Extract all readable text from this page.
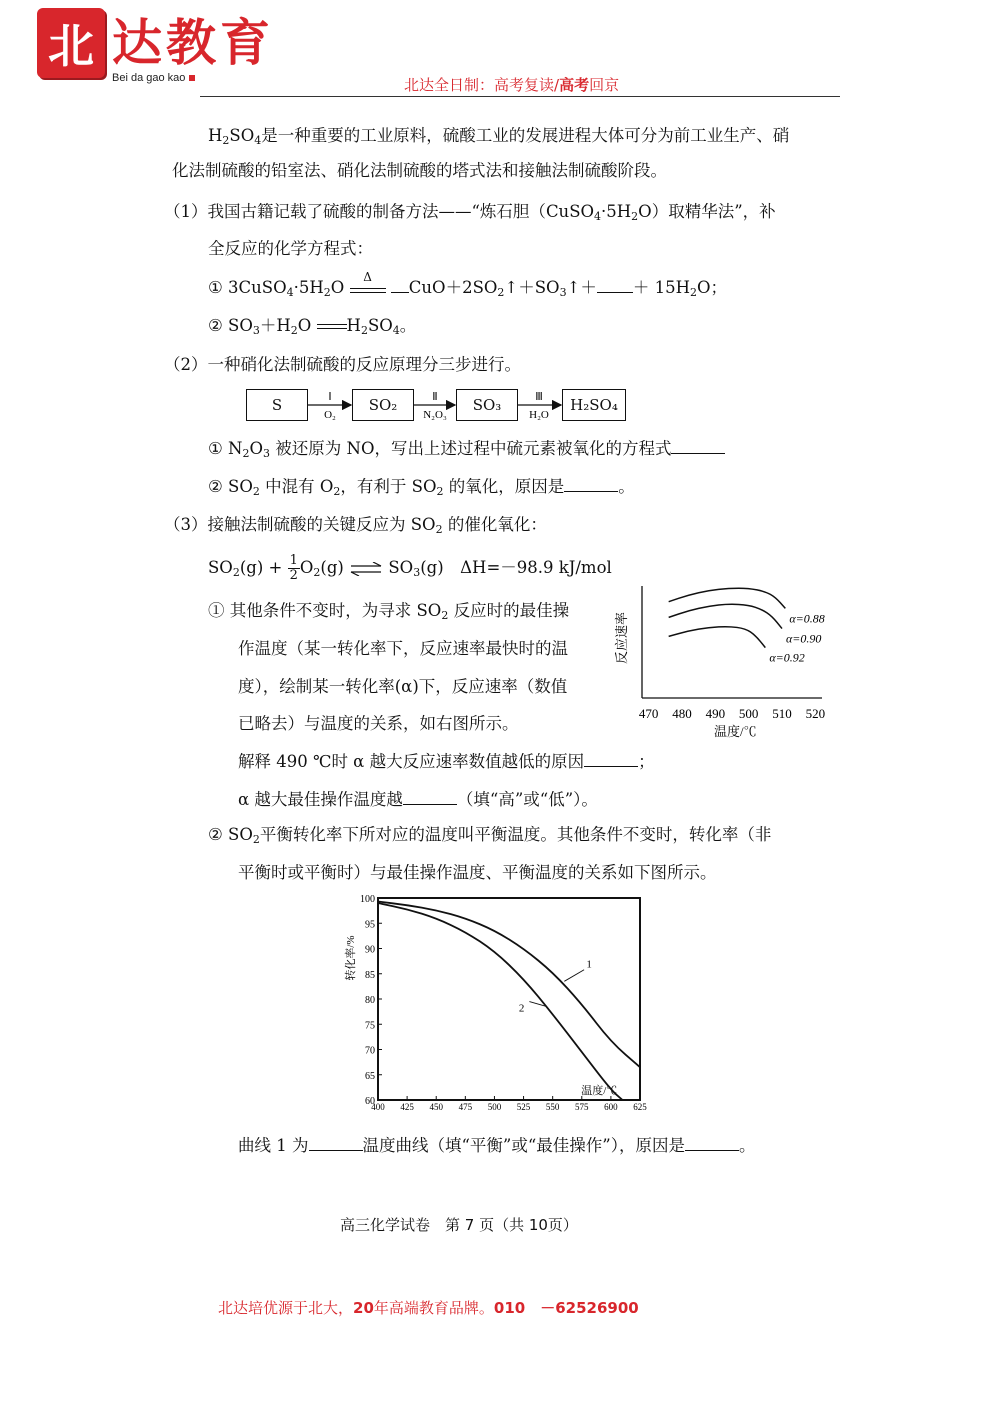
北 达教育
Bei da gao kao	北达全日制：高考复读/高考回京
$H_2SO_4$是一种重要的工业原料，硫酸工业的发展进程大体可分为前工业生产、硝
化法制硫酸的铅室法、硝化法制硫酸的塔式法和接触法制硫酸阶段。
（1）我国古籍记载了硫酸的制备方法——“炼石胆$(CuSO_4\cdot 5H_2O)$取精华法”，补
全反应的化学方程式：
① $3CuSO_4\cdot 5H_2O$
Δ
$CuO+2SO_2↑+SO_3↑+ + 15H_2O$；
② $SO_3+H_2O$ $H_2SO_4$。
（2）一种硝化法制硫酸的反应原理分三步进行。
S	SO₂	SO₃	H₂SO₄
Ⅰ
O₂
Ⅱ
N₂O₃
Ⅲ
H₂O
① $N_2O_3$ 被还原为 NO，写出上述过程中硫元素被氧化的方程式
② $SO_2$ 中混有 $O_2$，有利于 $SO_2$ 的氧化，原因是	。
（3）接触法制硫酸的关键反应为 $SO_2$ 的催化氧化：
$SO_2(g) + \frac{1}{2} O_2(g)$ ⇌ $SO_3(g)$　ΔH=－98.9 kJ/mol
① 其他条件不变时，为寻求 $SO_2$ 反应时的最佳操
作温度（某一转化率下，反应速率最快时的温
度），绘制某一转化率(α)下，反应速率（数值
已略去）与温度的关系，如右图所示。
解释 490 ℃时 α 越大反应速率数值越低的原因	；
α 越大最佳操作温度越	（填“高”或“低”）。
反应速率
470 480 490 500 510 520
温度/℃
α=0.88
α=0.90
α=0.92
② $SO_2$平衡转化率下所对应的温度叫平衡温度。其他条件不变时，转化率（非
平衡时或平衡时）与最佳操作温度、平衡温度的关系如下图所示。
60
65
70
75
80
85
90
95
100
400 425 450 475 500 525 550 575 600 625
转化率/%
温度/℃
1
2
曲线 1 为	温度曲线（填“平衡”或“最佳操作”），原因是	。
高三化学试卷　第 7 页（共 10页）
北达培优源于北大，20年高端教育品牌。010　－62526900
